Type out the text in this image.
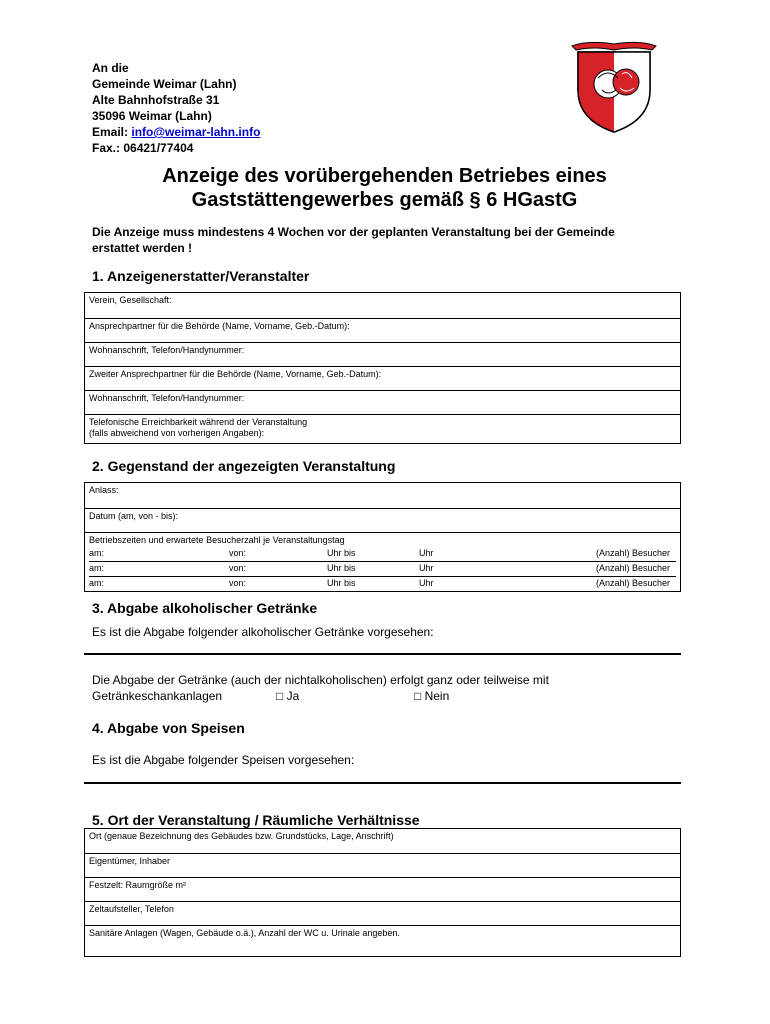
An die
Gemeinde Weimar (Lahn)
Alte Bahnhofstraße 31
35096 Weimar (Lahn)
Email: info@weimar-lahn.info
Fax.: 06421/77404
Anzeige des vorübergehenden Betriebes eines
Gaststättengewerbes gemäß § 6 HGastG
Die Anzeige muss mindestens 4 Wochen vor der geplanten Veranstaltung bei der Gemeinde
erstattet werden !
1. Anzeigenerstatter/Veranstalter
Verein, Gesellschaft:
Ansprechpartner für die Behörde (Name, Vorname, Geb.-Datum):
Wohnanschrift, Telefon/Handynummer:
Zweiter Ansprechpartner für die Behörde (Name, Vorname, Geb.-Datum):
Wohnanschrift, Telefon/Handynummer:
Telefonische Erreichbarkeit während der Veranstaltung
(falls abweichend von vorherigen Angaben):
2. Gegenstand der angezeigten Veranstaltung
Anlass:
Datum (am, von - bis):
Betriebszeiten und erwartete Besucherzahl je Veranstaltungstag
am:	von:	Uhr bis	Uhr	(Anzahl) Besucher
am:	von:	Uhr bis	Uhr	(Anzahl) Besucher
am:	von:	Uhr bis	Uhr	(Anzahl) Besucher
3. Abgabe alkoholischer Getränke
Es ist die Abgabe folgender alkoholischer Getränke vorgesehen:
Die Abgabe der Getränke (auch der nichtalkoholischen) erfolgt ganz oder teilweise mit
Getränkeschankanlagen	□ Ja	□ Nein
4. Abgabe von Speisen
Es ist die Abgabe folgender Speisen vorgesehen:
5. Ort der Veranstaltung / Räumliche Verhältnisse
Ort (genaue Bezeichnung des Gebäudes bzw. Grundstücks, Lage, Anschrift)
Eigentümer, Inhaber
Festzelt: Raumgröße m²
Zeltaufsteller, Telefon
Sanitäre Anlagen (Wagen, Gebäude o.ä.), Anzahl der WC u. Urinale angeben.
